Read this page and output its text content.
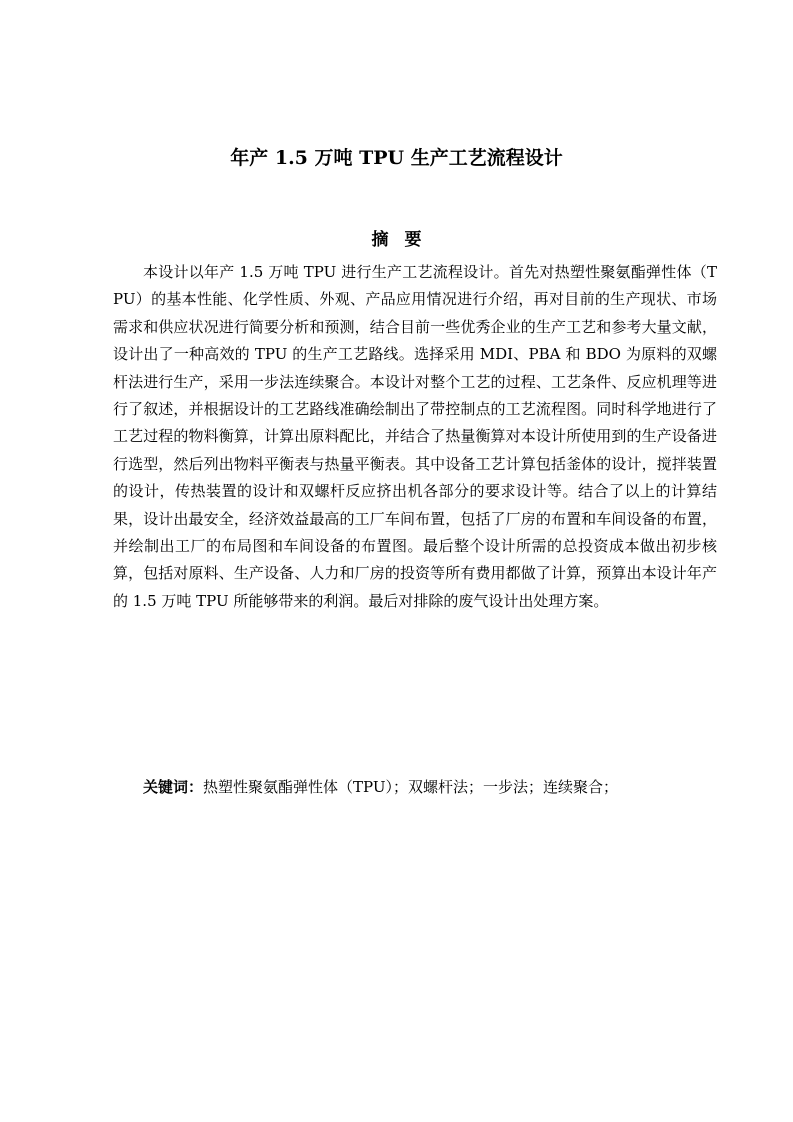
年产 1.5 万吨 TPU 生产工艺流程设计
摘要

本设计以年产 1.5 万吨 TPU 进行生产工艺流程设计。首先对热塑性聚氨酯弹性体（TPU）的基本性能、化学性质、外观、产品应用情况进行介绍，再对目前的生产现状、市场需求和供应状况进行简要分析和预测，结合目前一些优秀企业的生产工艺和参考大量文献，设计出了一种高效的 TPU 的生产工艺路线。选择采用 MDI、PBA 和 BDO 为原料的双螺杆法进行生产，采用一步法连续聚合。本设计对整个工艺的过程、工艺条件、反应机理等进行了叙述，并根据设计的工艺路线准确绘制出了带控制点的工艺流程图。同时科学地进行了工艺过程的物料衡算，计算出原料配比，并结合了热量衡算对本设计所使用到的生产设备进行选型，然后列出物料平衡表与热量平衡表。其中设备工艺计算包括釜体的设计，搅拌装置的设计，传热装置的设计和双螺杆反应挤出机各部分的要求设计等。结合了以上的计算结果，设计出最安全，经济效益最高的工厂车间布置，包括了厂房的布置和车间设备的布置，并绘制出工厂的布局图和车间设备的布置图。最后整个设计所需的总投资成本做出初步核算，包括对原料、生产设备、人力和厂房的投资等所有费用都做了计算，预算出本设计年产的 1.5 万吨 TPU 所能够带来的利润。最后对排除的废气设计出处理方案。

关键词：热塑性聚氨酯弹性体（TPU）；双螺杆法；一步法；连续聚合；
